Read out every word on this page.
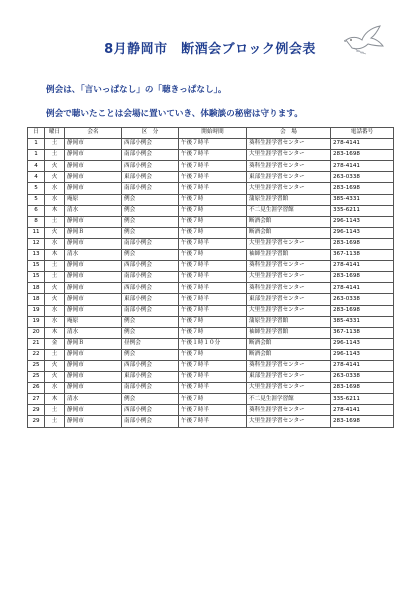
8月静岡市　断酒会ブロック例会表
例会は、「言いっぱなし」の「聴きっぱなし」。
例会で聴いたことは会場に置いていき、体験談の秘密は守ります。
日	曜日	会名	区　分	開始時間	会　場	電話番号
1	土	静岡市	西部小例会	午後７時半	葵科生涯学習センター	278-4141
1	土	静岡市	南部小例会	午後７時半	大里生涯学習センター	283-1698
4	火	静岡市	西部小例会	午後７時半	葵科生涯学習センター	278-4141
4	火	静岡市	東部小例会	午後７時半	東部生涯学習センター	263-0338
5	水	静岡市	南部小例会	午後７時半	大里生涯学習センター	283-1698
5	水	庵原	例会	午後７時	蒲原生涯学習館	385-4331
6	木	清水	例会	午後７時	不二見生涯学習館	335-6211
8	土	静岡市	例会	午後７時	断酒会館	296-1143
11	火	静岡Ｂ	例会	午後７時	断酒会館	296-1143
12	水	静岡市	南部小例会	午後７時半	大里生涯学習センター	283-1698
13	木	清水	例会	午後７時	袖師生涯学習館	367-1138
15	土	静岡市	西部小例会	午後７時半	葵科生涯学習センター	278-4141
15	土	静岡市	南部小例会	午後７時半	大里生涯学習センター	283-1698
18	火	静岡市	西部小例会	午後７時半	葵科生涯学習センター	278-4141
18	火	静岡市	東部小例会	午後７時半	東部生涯学習センター	263-0338
19	水	静岡市	南部小例会	午後７時半	大里生涯学習センター	283-1698
19	水	庵原	例会	午後７時	蒲原生涯学習館	385-4331
20	木	清水	例会	午後７時	袖師生涯学習館	367-1138
21	金	静岡Ｂ	昼例会	午後１時１０分	断酒会館	296-1143
22	土	静岡市	例会	午後７時	断酒会館	296-1143
25	火	静岡市	西部小例会	午後７時半	葵科生涯学習センター	278-4141
25	火	静岡市	東部小例会	午後７時半	東部生涯学習センター	263-0338
26	水	静岡市	南部小例会	午後７時半	大里生涯学習センター	283-1698
27	木	清水	例会	午後７時	不二見生涯学習館	335-6211
29	土	静岡市	西部小例会	午後７時半	葵科生涯学習センター	278-4141
29	土	静岡市	南部小例会	午後７時半	大里生涯学習センター	283-1698
